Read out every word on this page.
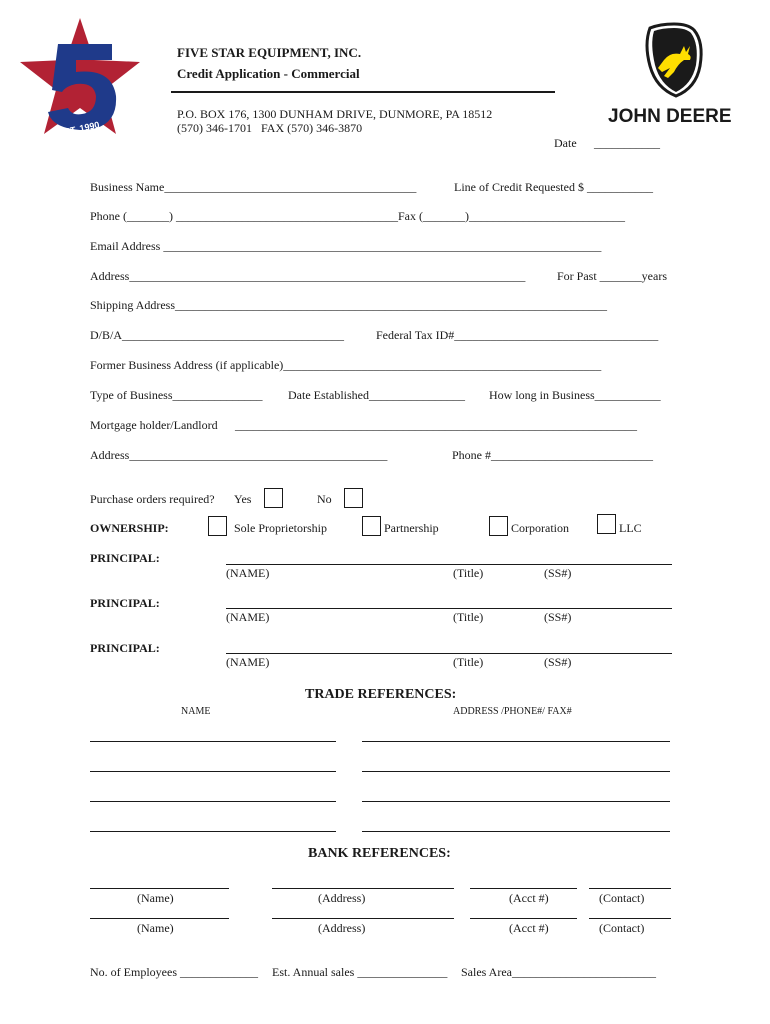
EST. 1990
JOHN DEERE
FIVE STAR EQUIPMENT, INC.
Credit Application - Commercial
P.O. BOX 176, 1300 DUNHAM DRIVE, DUNMORE, PA 18512
(570) 346-1701   FAX (570) 346-3870
Date ___________
Business Name__________________________________________	Line of Credit Requested $ ___________
Phone (_______) _____________________________________Fax (_______)__________________________
Email Address _________________________________________________________________________
Address__________________________________________________________________	For Past _______years
Shipping Address________________________________________________________________________
D/B/A_____________________________________	Federal Tax ID#__________________________________
Former Business Address (if applicable)_____________________________________________________
Type of Business_______________ Date Established________________ How long in Business___________
Mortgage holder/Landlord ___________________________________________________________________
Address___________________________________________	Phone #___________________________
Purchase orders required? Yes	No
OWNERSHIP:	Sole Proprietorship	Partnership	Corporation	LLC
PRINCIPAL:
(NAME)	(Title)	(SS#)
PRINCIPAL:
(NAME)	(Title)	(SS#)
PRINCIPAL:
(NAME)	(Title)	(SS#)
TRADE REFERENCES:
NAME	ADDRESS /PHONE#/ FAX#
BANK REFERENCES:
(Name)	(Address)	(Acct #)	(Contact)
(Name)	(Address)	(Acct #)	(Contact)
No. of Employees _____________ Est. Annual sales _______________ Sales Area________________________
